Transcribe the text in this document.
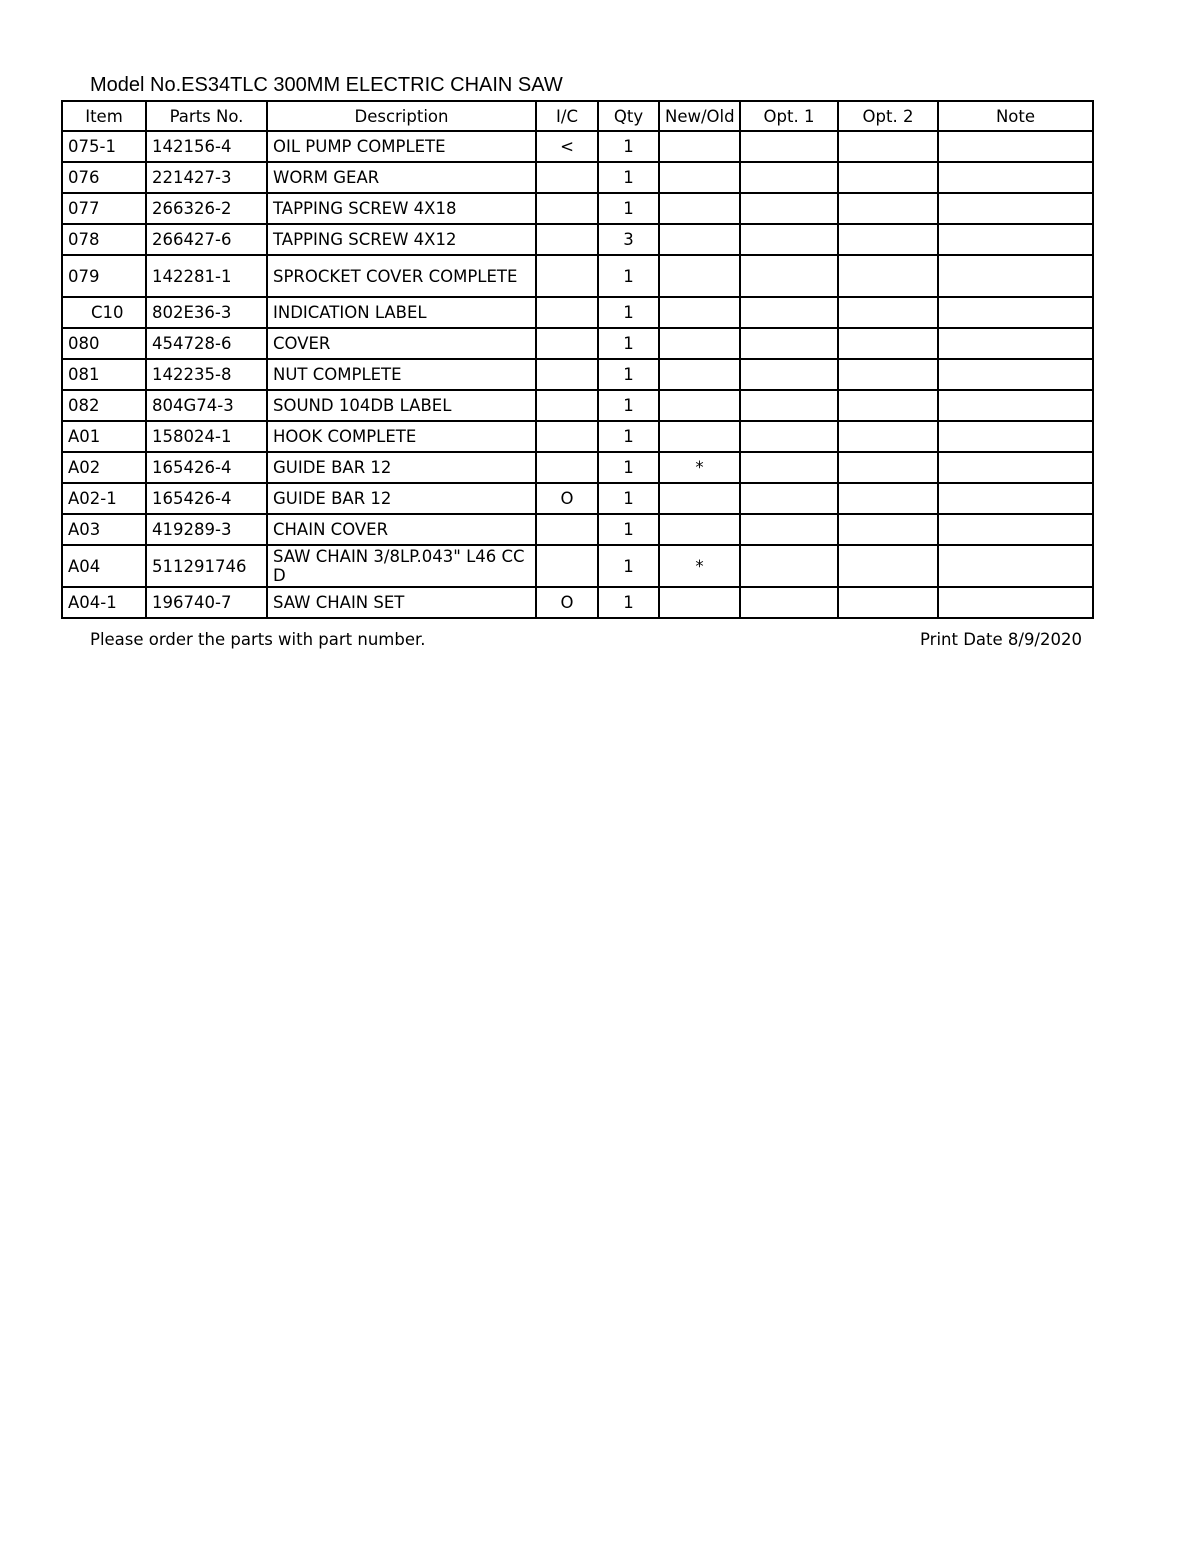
Model No.ES34TLC 300MM ELECTRIC CHAIN SAW
Item	Parts No.	Description	I/C	Qty	New/Old	Opt. 1	Opt. 2	Note
075-1	142156-4	OIL PUMP COMPLETE	<	1				
076	221427-3	WORM GEAR		1				
077	266326-2	TAPPING SCREW 4X18		1				
078	266427-6	TAPPING SCREW 4X12		3				
079	142281-1	SPROCKET COVER COMPLETE		1				
C10	802E36-3	INDICATION LABEL		1				
080	454728-6	COVER		1				
081	142235-8	NUT COMPLETE		1				
082	804G74-3	SOUND 104DB LABEL		1				
A01	158024-1	HOOK COMPLETE		1				
A02	165426-4	GUIDE BAR 12		1	*			
A02-1	165426-4	GUIDE BAR 12	O	1				
A03	419289-3	CHAIN COVER		1				
A04	511291746	SAW CHAIN 3/8LP.043" L46 CC D		1	*			
A04-1	196740-7	SAW CHAIN SET	O	1				
Please order the parts with part number.	Print Date 8/9/2020
